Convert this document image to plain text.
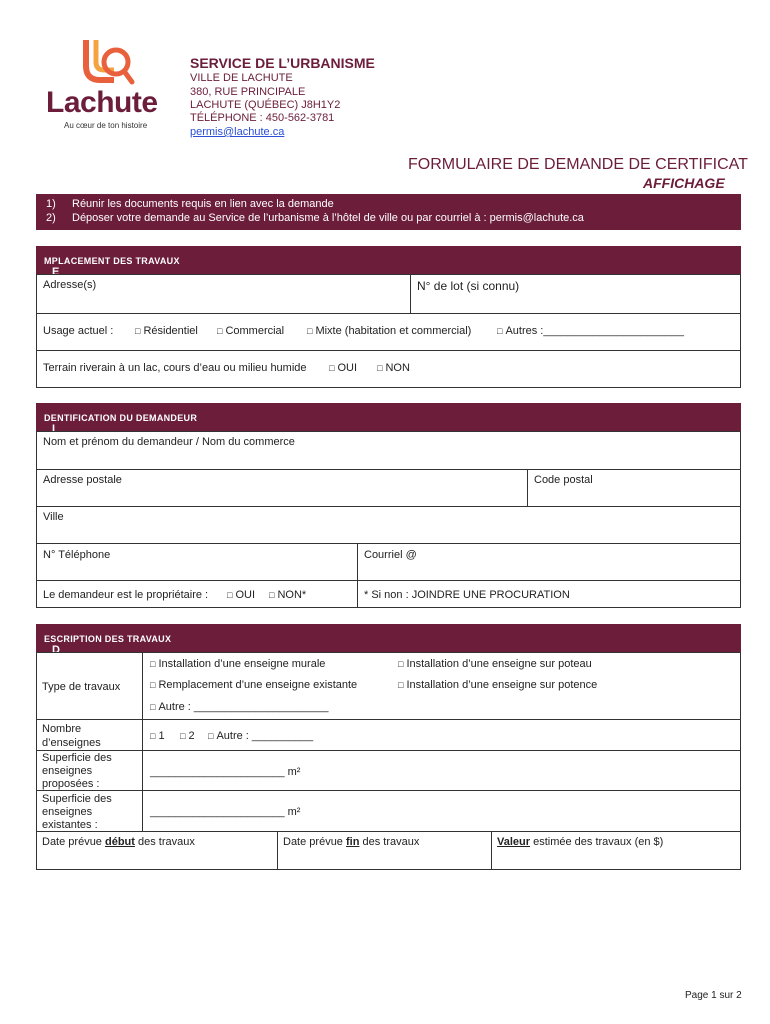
Lachute
Au cœur de ton histoire
SERVICE DE L’URBANISME
VILLE DE LACHUTE
380, RUE PRINCIPALE
LACHUTE (QUÉBEC) J8H1Y2
TÉLÉPHONE : 450-562-3781
permis@lachute.ca
FORMULAIRE DE DEMANDE DE CERTIFICAT
AFFICHAGE
1) Réunir les documents requis en lien avec la demande
2) Déposer votre demande au Service de l’urbanisme à l’hôtel de ville ou par courriel à : permis@lachute.ca
E
MPLACEMENT DES TRAVAUX
Adresse(s)	N° de lot (si connu)
Usage actuel : □ Résidentiel □ Commercial	□ Mixte (habitation et commercial)	□ Autres :_______________________
Terrain riverain à un lac, cours d’eau ou milieu humide □ OUI □ NON
I
DENTIFICATION DU DEMANDEUR
Nom et prénom du demandeur / Nom du commerce
Adresse postale	Code postal
Ville
N° Téléphone	Courriel @
Le demandeur est le propriétaire : □ OUI □ NON*	* Si non : JOINDRE UNE PROCURATION
D
ESCRIPTION DES TRAVAUX
Type de travaux
□ Installation d’une enseigne murale	□ Installation d’une enseigne sur poteau
□ Remplacement d’une enseigne existante	□ Installation d’une enseigne sur potence
□ Autre : ______________________
Nombre
d’enseignes
□ 1 □ 2 □ Autre : __________
Superficie des
enseignes
proposées :
______________________ m²
Superficie des
enseignes
existantes :
______________________ m²
Date prévue début des travaux	Date prévue fin des travaux	Valeur estimée des travaux (en $)
Page 1 sur 2
